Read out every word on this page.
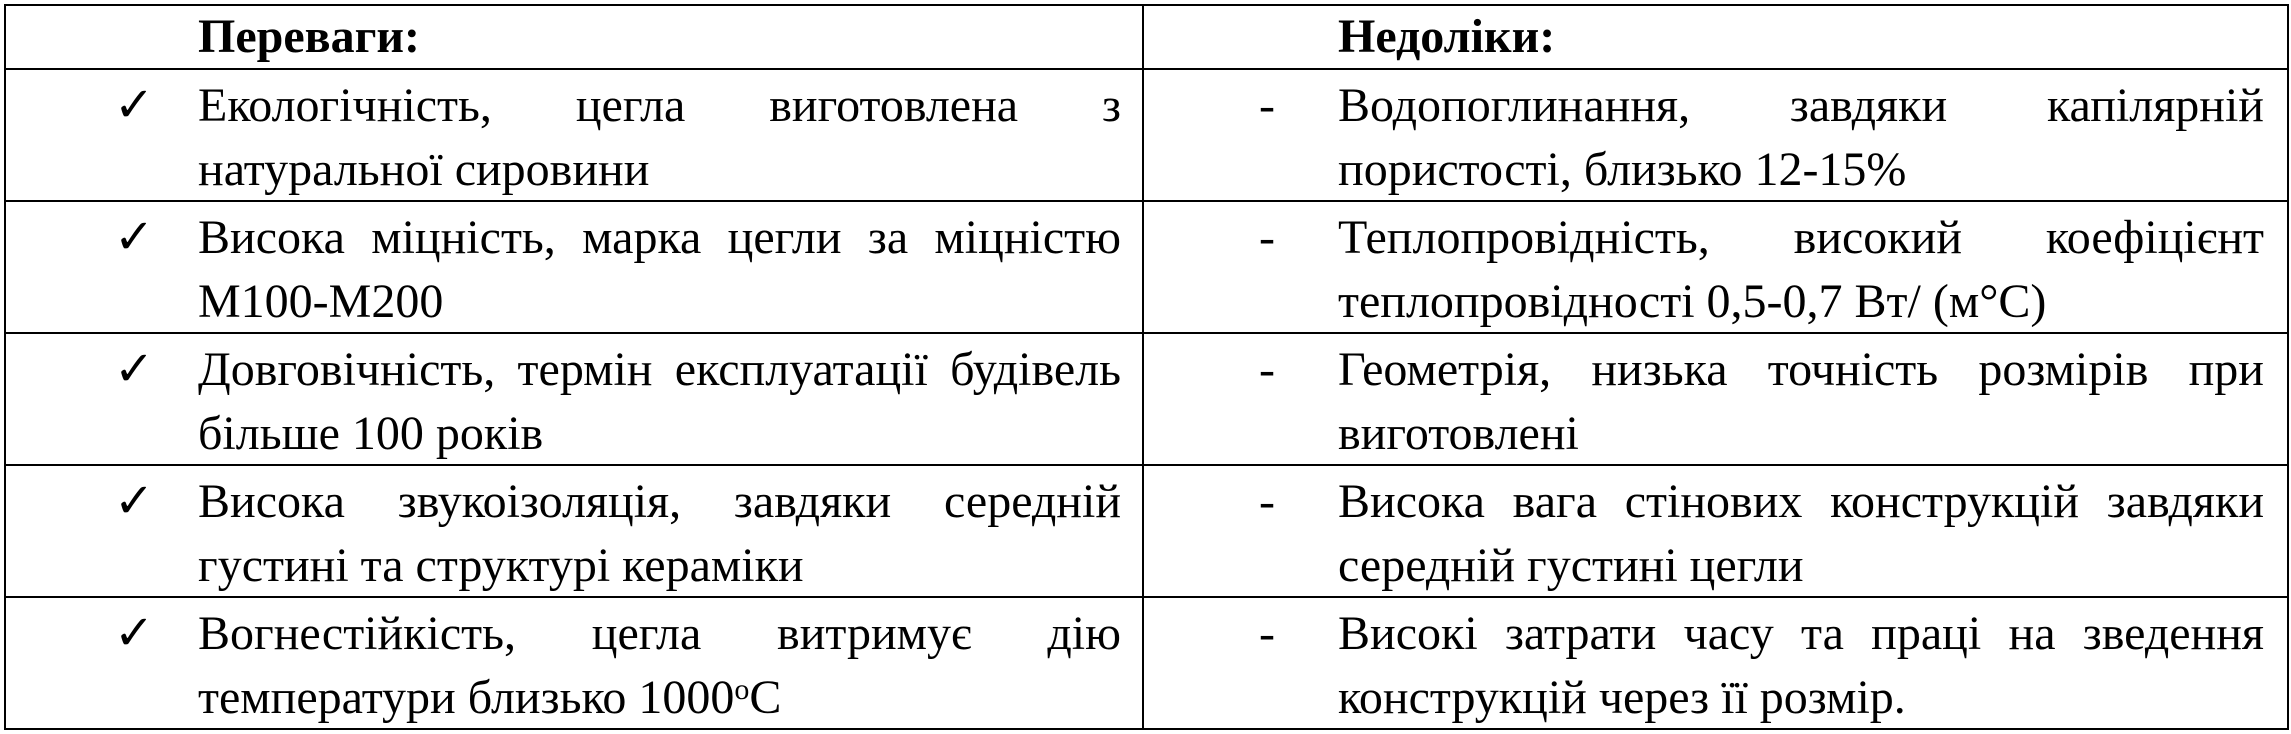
Переваги:	Недоліки:

✓ Екологічність, цегла виготовлена з натуральної сировини	- Водопоглинання, завдяки капілярній пористості, близько 12-15%

✓ Висока міцність, марка цегли за міцністю М100-М200	- Теплопровідність, високий коефіцієнт теплопровідності 0,5-0,7 Вт/ (м°С)

✓ Довговічність, термін експлуатації будівель більше 100 років	- Геометрія, низька точність розмірів при виготовлені

✓ Висока звукоізоляція, завдяки середній густині та структурі кераміки	- Висока вага стінових конструкцій завдяки середній густині цегли

✓ Вогнестійкість, цегла витримує дію температури близько 1000$^o$С	- Високі затрати часу та праці на зведення конструкцій через її розмір.
